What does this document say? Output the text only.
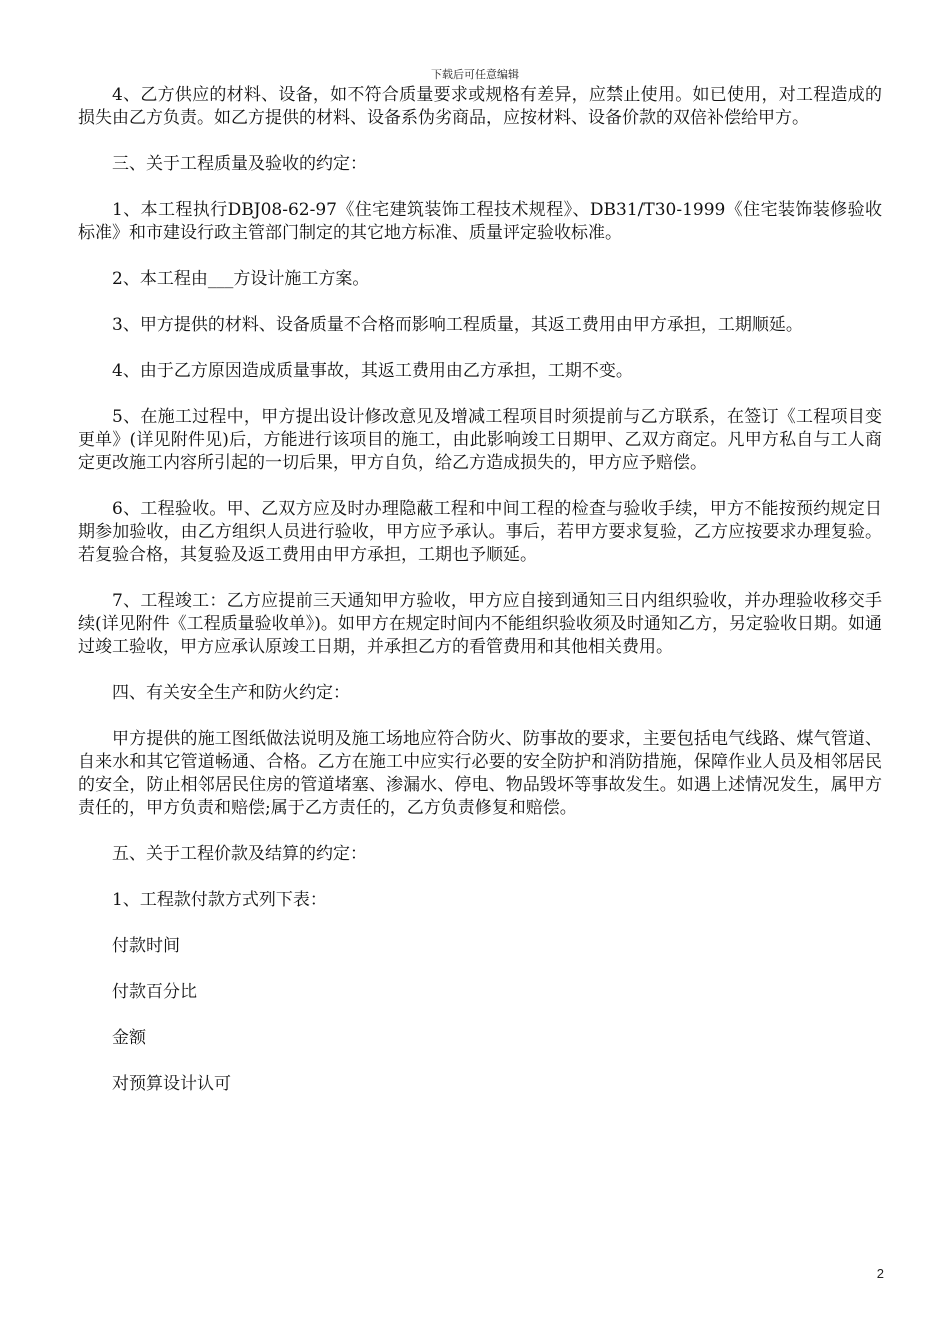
下载后可任意编辑

4、乙方供应的材料、设备，如不符合质量要求或规格有差异，应禁止使用。如已使用，对工程造成的损失由乙方负责。如乙方提供的材料、设备系伪劣商品，应按材料、设备价款的双倍补偿给甲方。

三、关于工程质量及验收的约定：

1、本工程执行DBJ08-62-97《住宅建筑装饰工程技术规程》、DB31/T30-1999《住宅装饰装修验收标准》和市建设行政主管部门制定的其它地方标准、质量评定验收标准。

2、本工程由___方设计施工方案。

3、甲方提供的材料、设备质量不合格而影响工程质量，其返工费用由甲方承担，工期顺延。

4、由于乙方原因造成质量事故，其返工费用由乙方承担，工期不变。

5、在施工过程中，甲方提出设计修改意见及增减工程项目时须提前与乙方联系，在签订《工程项目变更单》(详见附件见)后，方能进行该项目的施工，由此影响竣工日期甲、乙双方商定。凡甲方私自与工人商定更改施工内容所引起的一切后果，甲方自负，给乙方造成损失的，甲方应予赔偿。

6、工程验收。甲、乙双方应及时办理隐蔽工程和中间工程的检查与验收手续，甲方不能按预约规定日期参加验收，由乙方组织人员进行验收，甲方应予承认。事后，若甲方要求复验，乙方应按要求办理复验。若复验合格，其复验及返工费用由甲方承担，工期也予顺延。

7、工程竣工：乙方应提前三天通知甲方验收，甲方应自接到通知三日内组织验收，并办理验收移交手续(详见附件《工程质量验收单》)。如甲方在规定时间内不能组织验收须及时通知乙方，另定验收日期。如通过竣工验收，甲方应承认原竣工日期，并承担乙方的看管费用和其他相关费用。

四、有关安全生产和防火约定：

甲方提供的施工图纸做法说明及施工场地应符合防火、防事故的要求，主要包括电气线路、煤气管道、自来水和其它管道畅通、合格。乙方在施工中应实行必要的安全防护和消防措施，保障作业人员及相邻居民的安全，防止相邻居民住房的管道堵塞、渗漏水、停电、物品毁坏等事故发生。如遇上述情况发生，属甲方责任的，甲方负责和赔偿;属于乙方责任的，乙方负责修复和赔偿。

五、关于工程价款及结算的约定：

1、工程款付款方式列下表：

付款时间

付款百分比

金额

对预算设计认可

2
